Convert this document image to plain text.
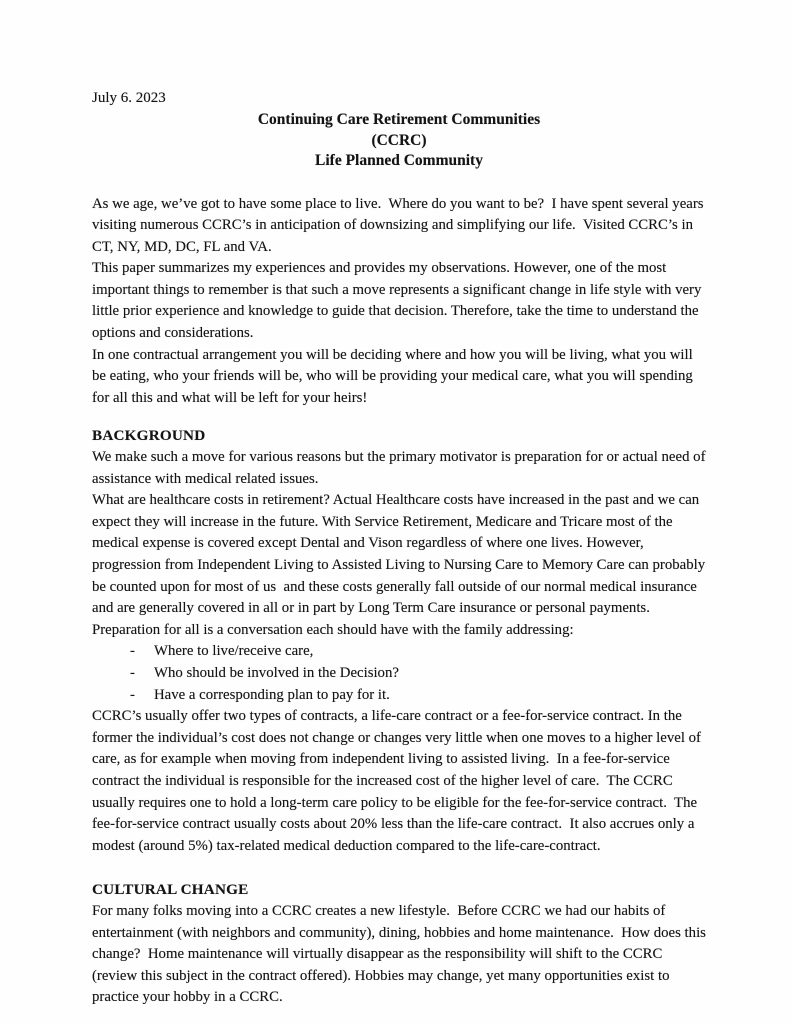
July 6. 2023

Continuing Care Retirement Communities
(CCRC)
Life Planned Community

As we age, we’ve got to have some place to live.  Where do you want to be?  I have spent several years visiting numerous CCRC’s in anticipation of downsizing and simplifying our life.  Visited CCRC’s in CT, NY, MD, DC, FL and VA.

This paper summarizes my experiences and provides my observations. However, one of the most important things to remember is that such a move represents a significant change in life style with very little prior experience and knowledge to guide that decision. Therefore, take the time to understand the options and considerations.

In one contractual arrangement you will be deciding where and how you will be living, what you will be eating, who your friends will be, who will be providing your medical care, what you will spending for all this and what will be left for your heirs!

BACKGROUND

We make such a move for various reasons but the primary motivator is preparation for or actual need of assistance with medical related issues.

What are healthcare costs in retirement? Actual Healthcare costs have increased in the past and we can expect they will increase in the future. With Service Retirement, Medicare and Tricare most of the medical expense is covered except Dental and Vison regardless of where one lives. However, progression from Independent Living to Assisted Living to Nursing Care to Memory Care can probably be counted upon for most of us  and these costs generally fall outside of our normal medical insurance and are generally covered in all or in part by Long Term Care insurance or personal payments.

Preparation for all is a conversation each should have with the family addressing:

-	Where to live/receive care,
-	Who should be involved in the Decision?
-	Have a corresponding plan to pay for it.

CCRC’s usually offer two types of contracts, a life-care contract or a fee-for-service contract. In the former the individual’s cost does not change or changes very little when one moves to a higher level of care, as for example when moving from independent living to assisted living.  In a fee-for-service contract the individual is responsible for the increased cost of the higher level of care.  The CCRC usually requires one to hold a long-term care policy to be eligible for the fee-for-service contract.  The fee-for-service contract usually costs about 20% less than the life-care contract.  It also accrues only a modest (around 5%) tax-related medical deduction compared to the life-care-contract.

CULTURAL CHANGE

For many folks moving into a CCRC creates a new lifestyle.  Before CCRC we had our habits of entertainment (with neighbors and community), dining, hobbies and home maintenance.  How does this change?  Home maintenance will virtually disappear as the responsibility will shift to the CCRC (review this subject in the contract offered). Hobbies may change, yet many opportunities exist to practice your hobby in a CCRC.
